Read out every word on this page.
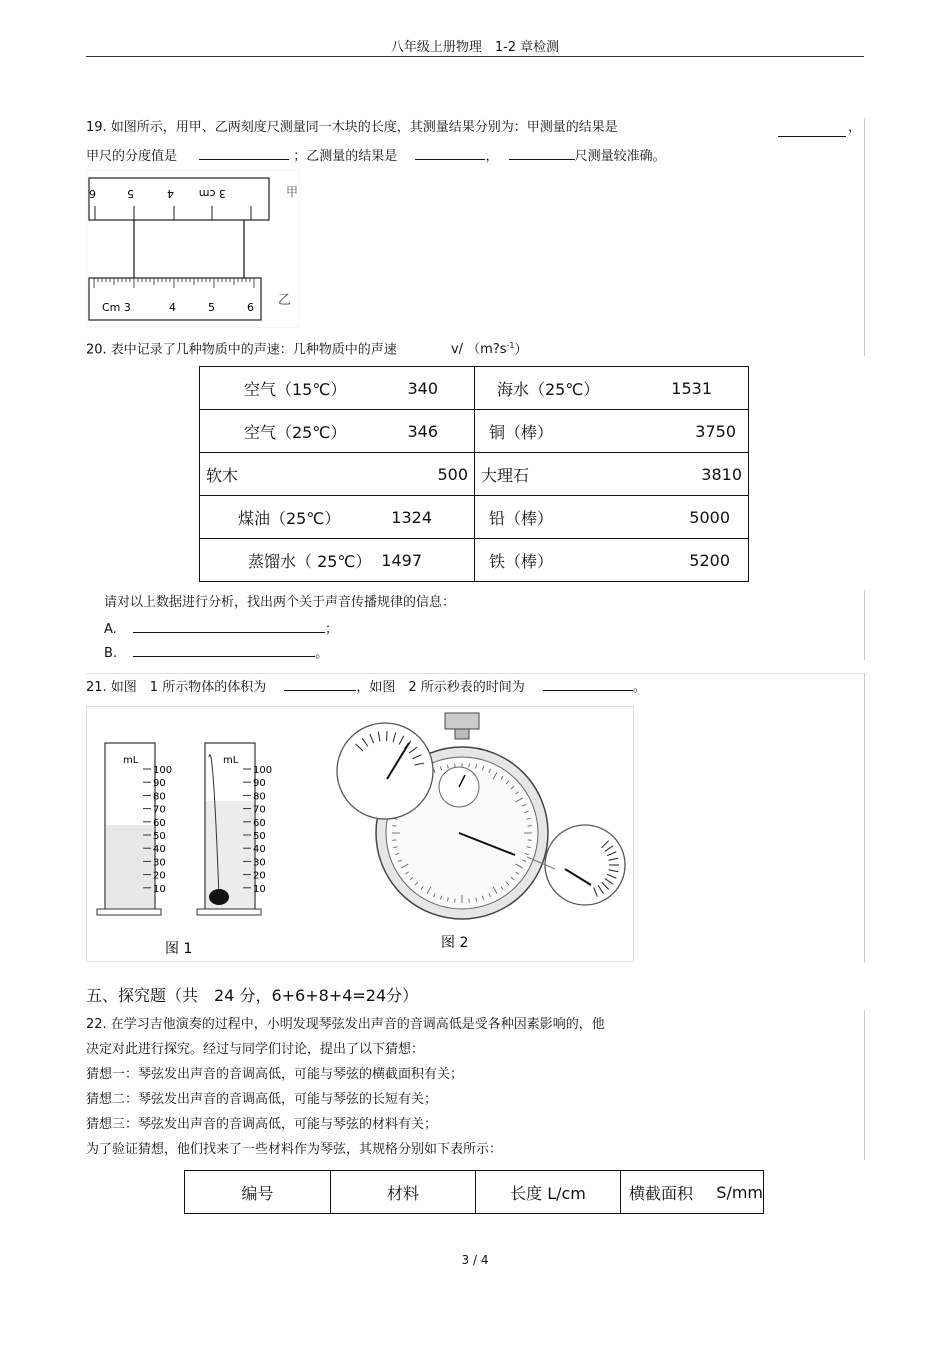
八年级上册物理　1-2 章检测
19. 如图所示，用甲、乙两刻度尺测量同一木块的长度，其测量结果分别为：甲测量的结果是	，
甲尺的分度值是	；乙测量的结果是	，	尺测量较准确。
6	5	4 3 cm	甲
Cm 3	4	5	6 乙
20. 表中记录了几种物质中的声速：几种物质中的声速	v/ $(m?s^{-1})$
空气（15℃） 340	海水（25℃） 1531

空气（25℃） 346	铜（棒） 3750

软木 500	大理石 3810

煤油（25℃） 1324	铅（棒） 5000

蒸馏水（ 25℃） 1497	铁（棒） 5200
请对以上数据进行分析，找出两个关于声音传播规律的信息：
A.	；
B.	。
21. 如图　1 所示物体的体积为	，如图　2 所示秒表的时间为	。
mL
100
90
80
70
60
50
40
30
20
10
mL
100
90
80
70
60
50
40
30
20
10
图 1	图 2
五、探究题（共　24 分，6+6+8+4=24分）
22. 在学习吉他演奏的过程中，小明发现琴弦发出声音的音调高低是受各种因素影响的，他
决定对此进行探究。经过与同学们讨论，提出了以下猜想：
猜想一：琴弦发出声音的音调高低，可能与琴弦的横截面积有关；
猜想二：琴弦发出声音的音调高低，可能与琴弦的长短有关；
猜想三：琴弦发出声音的音调高低，可能与琴弦的材料有关；
为了验证猜想，他们找来了一些材料作为琴弦，其规格分别如下表所示：
编号	材料	长度 L/cm	横截面积 S/mm
3 / 4
